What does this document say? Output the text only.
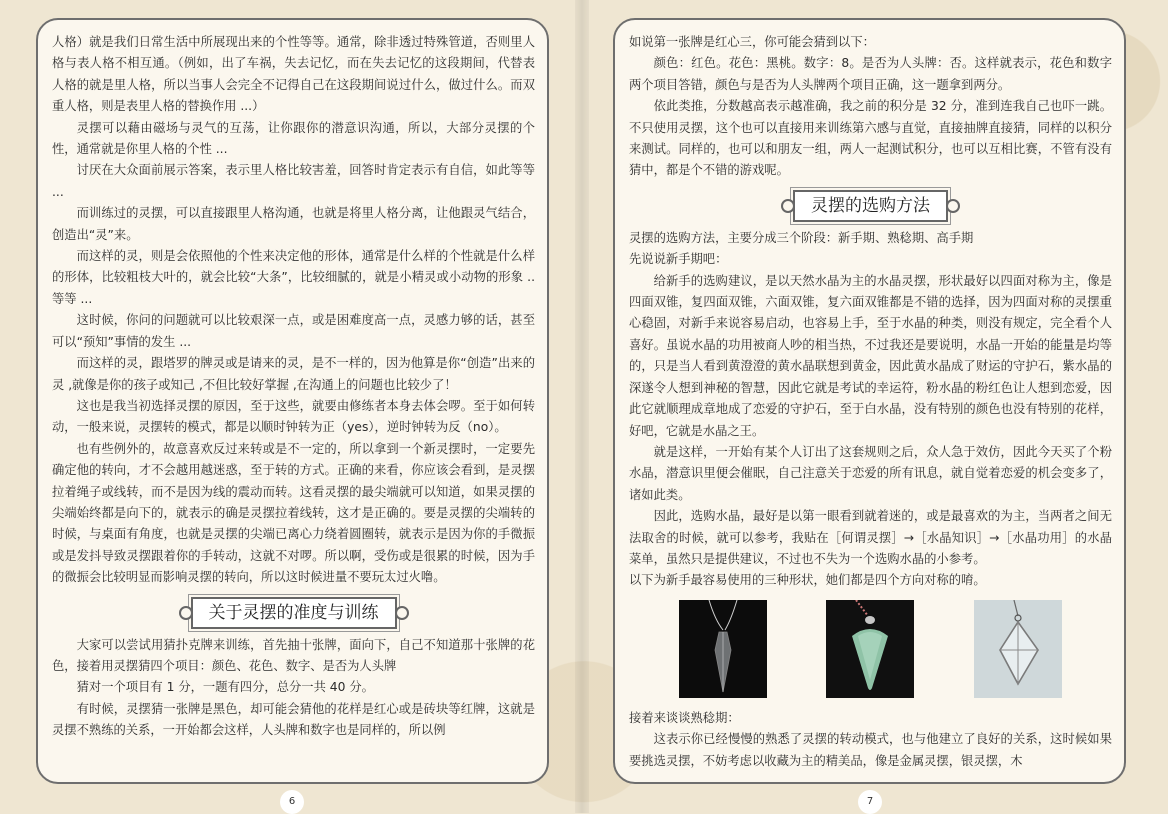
人格）就是我们日常生活中所展现出来的个性等等。通常，除非透过特殊管道，否则里人格与表人格不相互通。（例如，出了车祸，失去记忆，而在失去记忆的这段期间，代替表人格的就是里人格，所以当事人会完全不记得自己在这段期间说过什么，做过什么。而双重人格，则是表里人格的替换作用 ...）

灵摆可以藉由磁场与灵气的互荡，让你跟你的潜意识沟通，所以，大部分灵摆的个性，通常就是你里人格的个性 ...

讨厌在大众面前展示答案，表示里人格比较害羞，回答时肯定表示有自信，如此等等 ...

而训练过的灵摆，可以直接跟里人格沟通，也就是将里人格分离，让他跟灵气结合，创造出“灵”来。

而这样的灵，则是会依照他的个性来决定他的形体，通常是什么样的个性就是什么样的形体，比较粗枝大叶的，就会比较“大条”，比较细腻的，就是小精灵或小动物的形象 .. 等等 ...

这时候，你问的问题就可以比较艰深一点，或是困难度高一点，灵感力够的话，甚至可以“预知”事情的发生 ...

而这样的灵，跟塔罗的牌灵或是请来的灵，是不一样的，因为他算是你“创造”出来的灵 ,就像是你的孩子或知己 ,不但比较好掌握 ,在沟通上的问题也比较少了！

这也是我当初选择灵摆的原因，至于这些，就要由修练者本身去体会啰。至于如何转动，一般来说，灵摆转的模式，都是以顺时钟转为正（yes），逆时钟转为反（no）。

也有些例外的，故意喜欢反过来转或是不一定的，所以拿到一个新灵摆时，一定要先确定他的转向，才不会越用越迷惑，至于转的方式。正确的来看，你应该会看到，是灵摆拉着绳子或线转，而不是因为线的震动而转。这看灵摆的最尖端就可以知道，如果灵摆的尖端始终都是向下的，就表示的确是灵摆拉着线转，这才是正确的。要是灵摆的尖端转的时候，与桌面有角度，也就是灵摆的尖端已离心力绕着圆圈转，就表示是因为你的手微振或是发抖导致灵摆跟着你的手转动，这就不对啰。所以啊，受伤或是很累的时候，因为手的微振会比较明显而影响灵摆的转向，所以这时候进量不要玩太过火噜。

关于灵摆的准度与训练

大家可以尝试用猜扑克牌来训练，首先抽十张牌，面向下，自己不知道那十张牌的花色，接着用灵摆猜四个项目：颜色、花色、数字、是否为人头牌

猜对一个项目有 1 分，一题有四分，总分一共 40 分。

有时候，灵摆猜一张牌是黑色，却可能会猜他的花样是红心或是砖块等红牌，这就是灵摆不熟练的关系，一开始都会这样，人头牌和数字也是同样的，所以例

6

如说第一张牌是红心三，你可能会猜到以下：

颜色：红色。花色：黑桃。数字：8。是否为人头牌：否。这样就表示，花色和数字两个项目答错，颜色与是否为人头牌两个项目正确，这一题拿到两分。

依此类推，分数越高表示越准确，我之前的积分是 32 分，准到连我自己也吓一跳。不只使用灵摆，这个也可以直接用来训练第六感与直觉，直接抽牌直接猜，同样的以积分来测试。同样的，也可以和朋友一组，两人一起测试积分，也可以互相比赛，不管有没有猜中，都是个不错的游戏呢。

灵摆的选购方法

灵摆的选购方法，主要分成三个阶段：新手期、熟稔期、高手期

先说说新手期吧：

给新手的选购建议，是以天然水晶为主的水晶灵摆，形状最好以四面对称为主，像是四面双锥，复四面双锥，六面双锥，复六面双锥都是不错的选择，因为四面对称的灵摆重心稳固，对新手来说容易启动，也容易上手，至于水晶的种类，则没有规定，完全看个人喜好。虽说水晶的功用被商人吵的相当热，不过我还是要说明，水晶一开始的能量是均等的，只是当人看到黄澄澄的黄水晶联想到黄金，因此黄水晶成了财运的守护石，紫水晶的深遂令人想到神秘的智慧，因此它就是考试的幸运符，粉水晶的粉红色让人想到恋爱，因此它就顺理成章地成了恋爱的守护石，至于白水晶，没有特别的颜色也没有特别的花样，好吧，它就是水晶之王。

就是这样，一开始有某个人订出了这套规则之后，众人急于效仿，因此今天买了个粉水晶，潜意识里便会催眠，自己注意关于恋爱的所有讯息，就自觉着恋爱的机会变多了，诸如此类。

因此，选购水晶，最好是以第一眼看到就着迷的，或是最喜欢的为主，当两者之间无法取舍的时候，就可以参考，我贴在［何谓灵摆］→［水晶知识］→［水晶功用］的水晶菜单，虽然只是提供建议，不过也不失为一个选购水晶的小参考。

以下为新手最容易使用的三种形状，她们都是四个方向对称的唷。

接着来谈谈熟稔期：

这表示你已经慢慢的熟悉了灵摆的转动模式，也与他建立了良好的关系，这时候如果要挑选灵摆，不妨考虑以收藏为主的精美品，像是金属灵摆，银灵摆，木

7
